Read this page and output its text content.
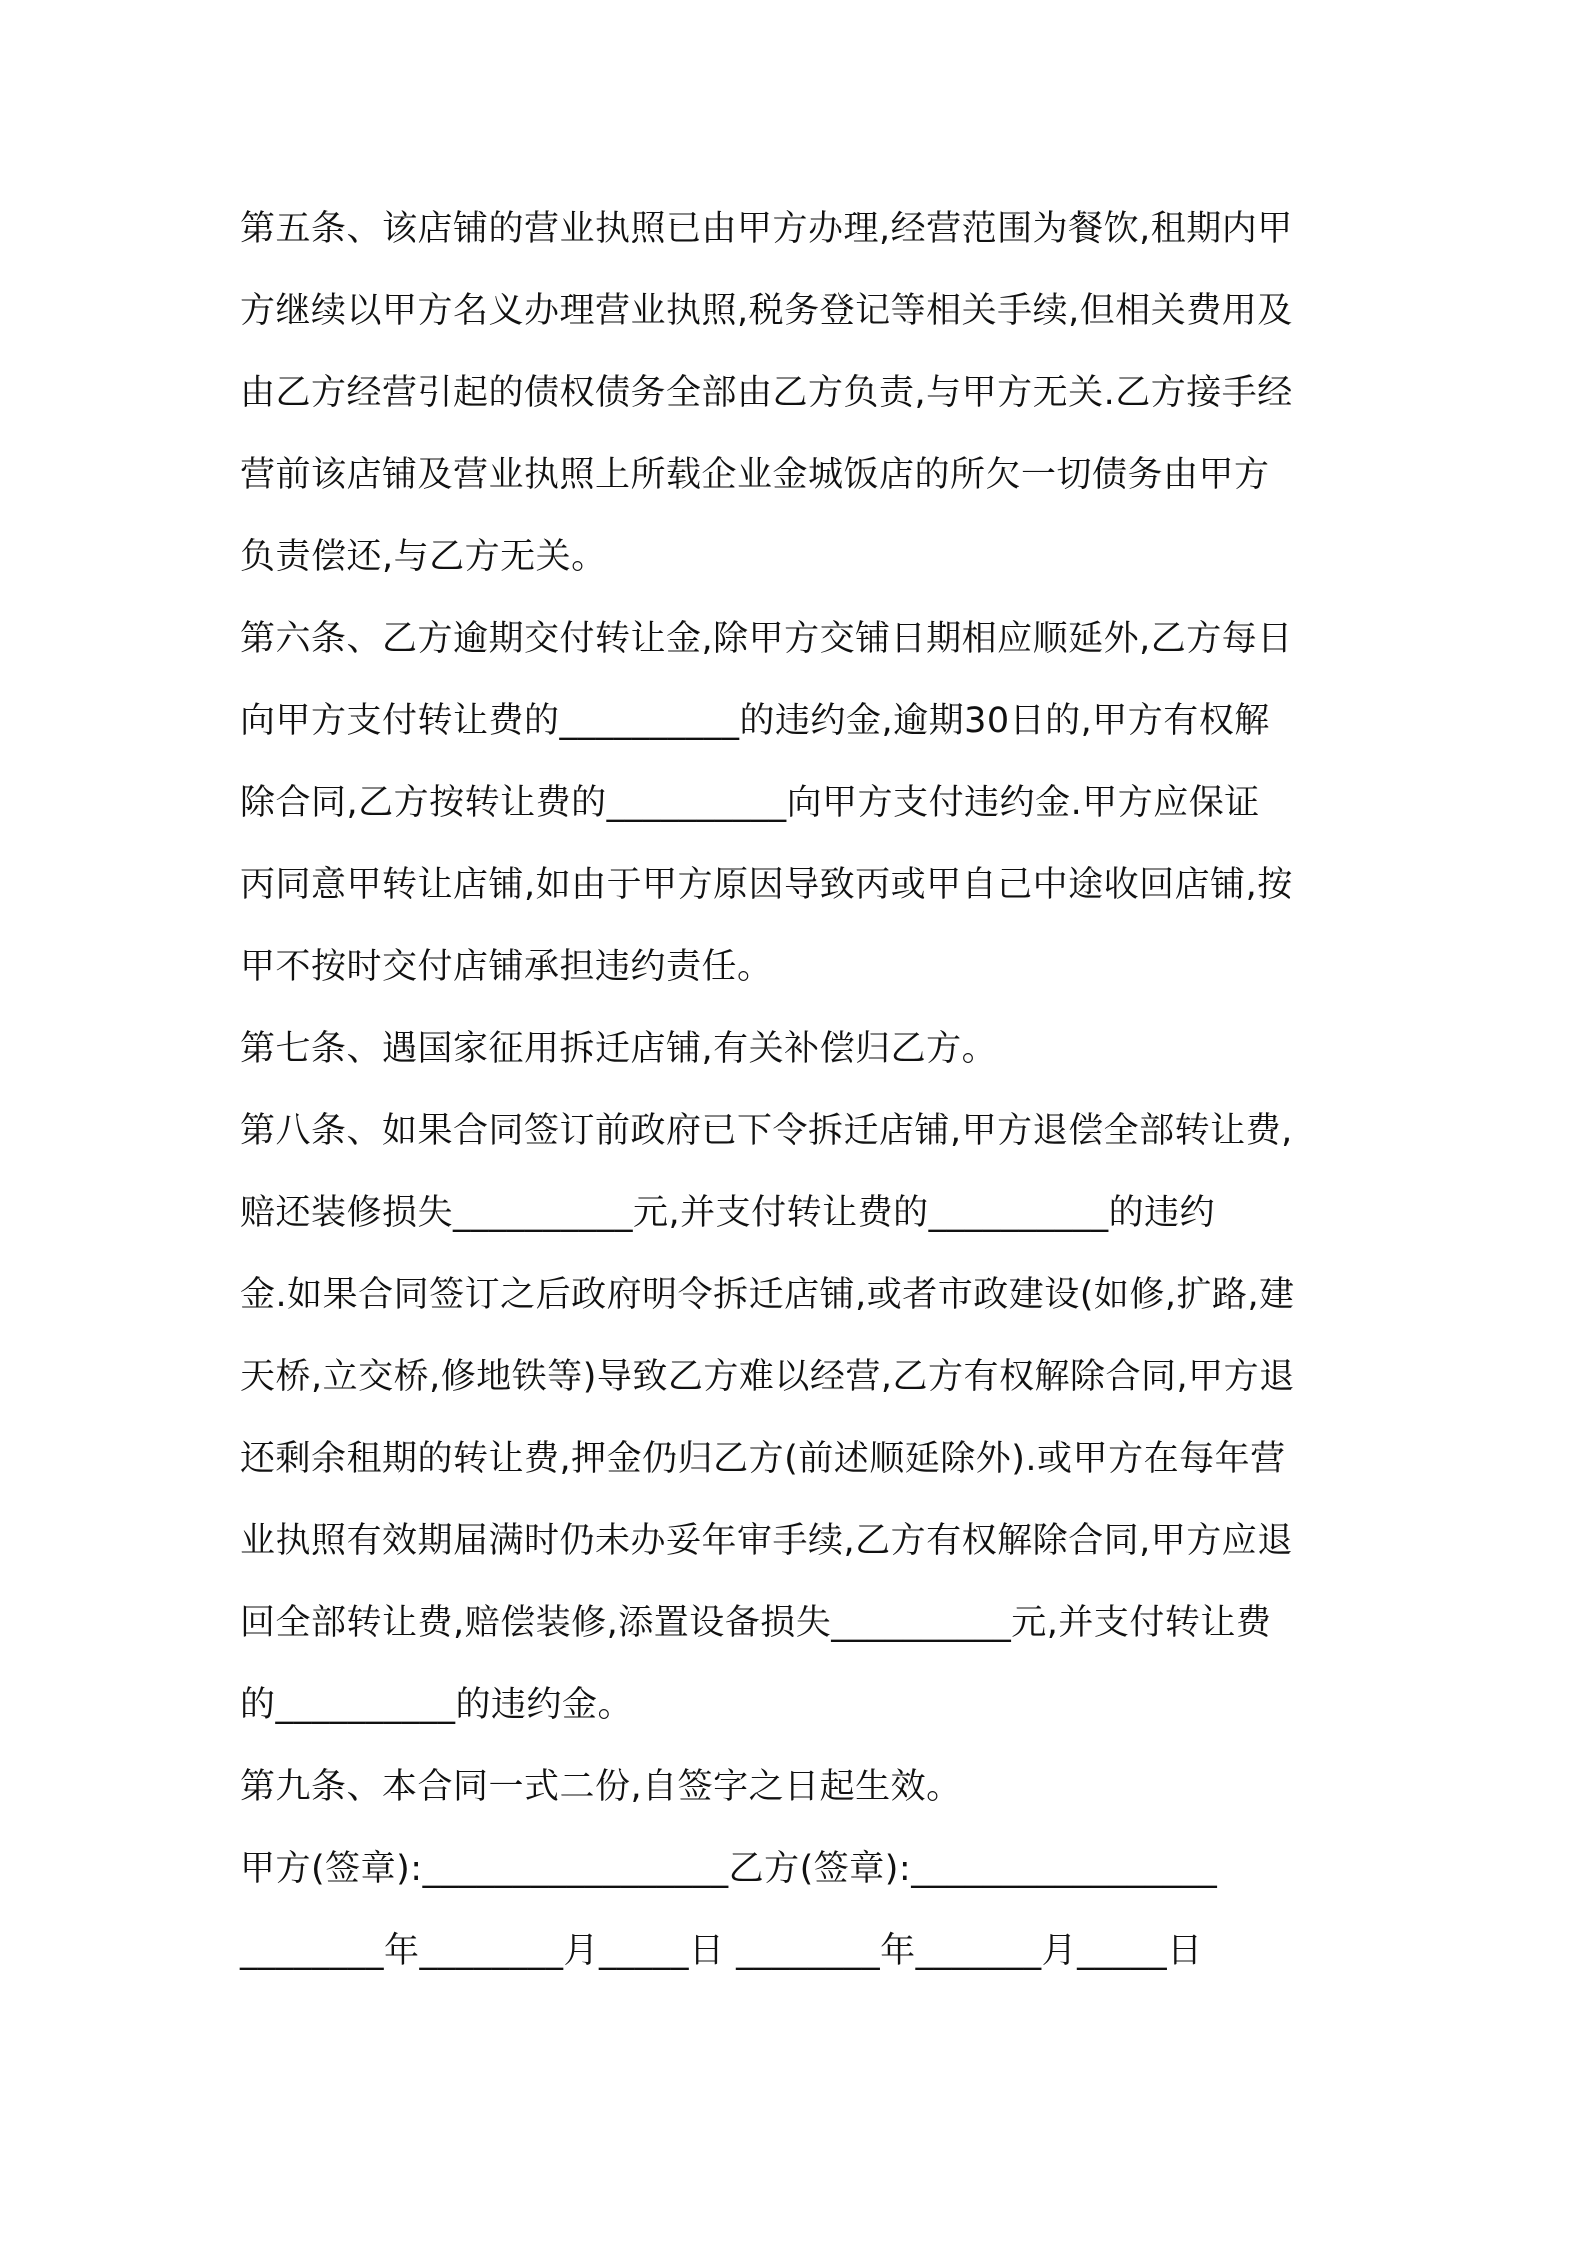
第五条、该店铺的营业执照已由甲方办理,经营范围为餐饮,租期内甲
方继续以甲方名义办理营业执照,税务登记等相关手续,但相关费用及
由乙方经营引起的债权债务全部由乙方负责,与甲方无关.乙方接手经
营前该店铺及营业执照上所载企业金城饭店的所欠一切债务由甲方
负责偿还,与乙方无关。
第六条、乙方逾期交付转让金,除甲方交铺日期相应顺延外,乙方每日
向甲方支付转让费的__________的违约金,逾期30日的,甲方有权解
除合同,乙方按转让费的__________向甲方支付违约金.甲方应保证
丙同意甲转让店铺,如由于甲方原因导致丙或甲自己中途收回店铺,按
甲不按时交付店铺承担违约责任。
第七条、遇国家征用拆迁店铺,有关补偿归乙方。
第八条、如果合同签订前政府已下令拆迁店铺,甲方退偿全部转让费,
赔还装修损失__________元,并支付转让费的__________的违约
金.如果合同签订之后政府明令拆迁店铺,或者市政建设(如修,扩路,建
天桥,立交桥,修地铁等)导致乙方难以经营,乙方有权解除合同,甲方退
还剩余租期的转让费,押金仍归乙方(前述顺延除外).或甲方在每年营
业执照有效期届满时仍未办妥年审手续,乙方有权解除合同,甲方应退
回全部转让费,赔偿装修,添置设备损失__________元,并支付转让费
的__________的违约金。
第九条、本合同一式二份,自签字之日起生效。
甲方(签章):_________________乙方(签章):_________________
________年________月_____日 ________年_______月_____日
